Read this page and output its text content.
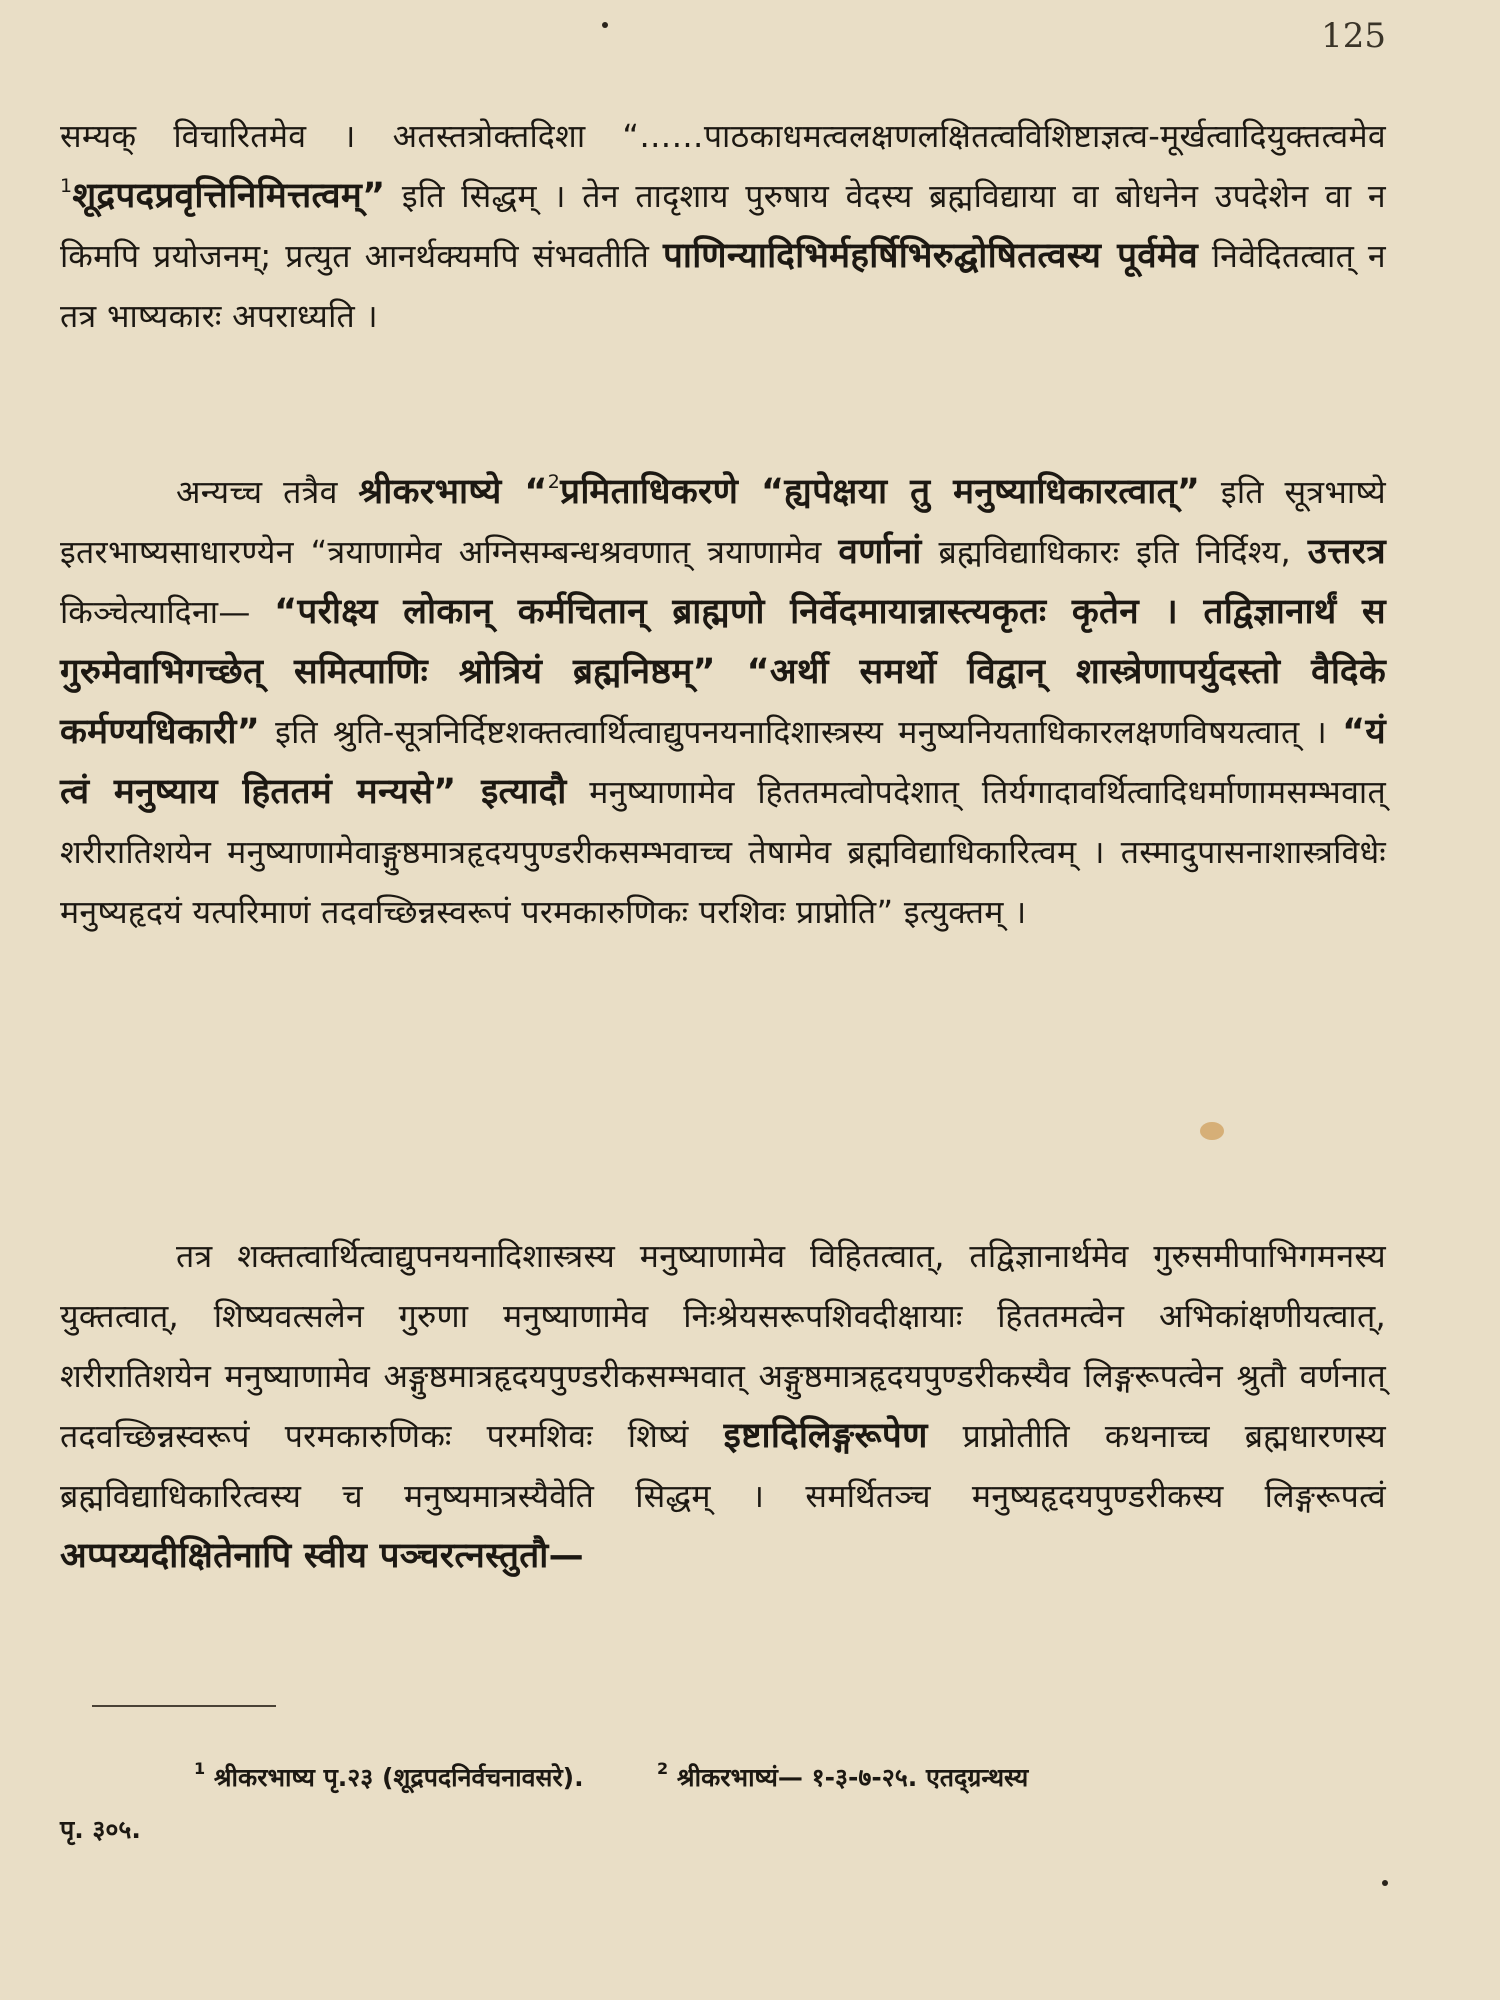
125

सम्यक् विचारितमेव । अतस्तत्रोक्तदिशा “……पाठकाधमत्वलक्षणलक्षितत्वविशिष्टाज्ञत्व-मूर्खत्वादियुक्तत्वमेव $^1$शूद्रपदप्रवृत्तिनिमित्तत्वम्” इति सिद्धम् । तेन तादृशाय पुरुषाय वेदस्य ब्रह्मविद्याया वा बोधनेन उपदेशेन वा न किमपि प्रयोजनम्; प्रत्युत आनर्थक्यमपि संभवतीति पाणिन्यादिभिर्महर्षिभिरुद्घोषितत्वस्य पूर्वमेव निवेदितत्वात् न तत्र भाष्यकारः अपराध्यति ।

अन्यच्च तत्रैव श्रीकरभाष्ये “$^2$प्रमिताधिकरणे “ह्यपेक्षया तु मनुष्याधिकारत्वात्” इति सूत्रभाष्ये इतरभाष्यसाधारण्येन “त्रयाणामेव अग्निसम्बन्धश्रवणात् त्रयाणामेव वर्णानां ब्रह्मविद्याधिकारः इति निर्दिश्य, उत्तरत्र किञ्चेत्यादिना— “परीक्ष्य लोकान् कर्मचितान् ब्राह्मणो निर्वेदमायान्नास्त्यकृतः कृतेन । तद्विज्ञानार्थं स गुरुमेवाभिगच्छेत् समित्पाणिः श्रोत्रियं ब्रह्मनिष्ठम्” “अर्थी समर्थो विद्वान् शास्त्रेणापर्युदस्तो वैदिके कर्मण्यधिकारी” इति श्रुति-सूत्रनिर्दिष्टशक्तत्वार्थित्वाद्युपनयनादिशास्त्रस्य मनुष्यनियताधिकारलक्षणविषयत्वात् । “यं त्वं मनुष्याय हिततमं मन्यसे” इत्यादौ मनुष्याणामेव हिततमत्वोपदेशात् तिर्यगादावर्थित्वादिधर्माणामसम्भवात् शरीरातिशयेन मनुष्याणामेवाङ्गुष्ठमात्रहृदयपुण्डरीकसम्भवाच्च तेषामेव ब्रह्मविद्याधिकारित्वम् । तस्मादुपासनाशास्त्रविधेः मनुष्यहृदयं यत्परिमाणं तदवच्छिन्नस्वरूपं परमकारुणिकः परशिवः प्राप्नोति” इत्युक्तम् ।

तत्र शक्तत्वार्थित्वाद्युपनयनादिशास्त्रस्य मनुष्याणामेव विहितत्वात्, तद्विज्ञानार्थमेव गुरुसमीपाभिगमनस्य युक्तत्वात्, शिष्यवत्सलेन गुरुणा मनुष्याणामेव निःश्रेयसरूपशिवदीक्षायाः हिततमत्वेन अभिकांक्षणीयत्वात्, शरीरातिशयेन मनुष्याणामेव अङ्गुष्ठमात्रहृदयपुण्डरीकसम्भवात् अङ्गुष्ठमात्रहृदयपुण्डरीकस्यैव लिङ्गरूपत्वेन श्रुतौ वर्णनात् तदवच्छिन्नस्वरूपं परमकारुणिकः परमशिवः शिष्यं इष्टादिलिङ्गरूपेण प्राप्नोतीति कथनाच्च ब्रह्मधारणस्य ब्रह्मविद्याधिकारित्वस्य च मनुष्यमात्रस्यैवेति सिद्धम् । समर्थितञ्च मनुष्यहृदयपुण्डरीकस्य लिङ्गरूपत्वं अप्पय्यदीक्षितेनापि स्वीय पञ्चरत्नस्तुतौ—

$^1$ श्रीकरभाष्य पृ.२३ (शूद्रपदनिर्वचनावसरे).	$^2$ श्रीकरभाष्यं— १-३-७-२५. एतद्ग्रन्थस्य
पृ. ३०५.
